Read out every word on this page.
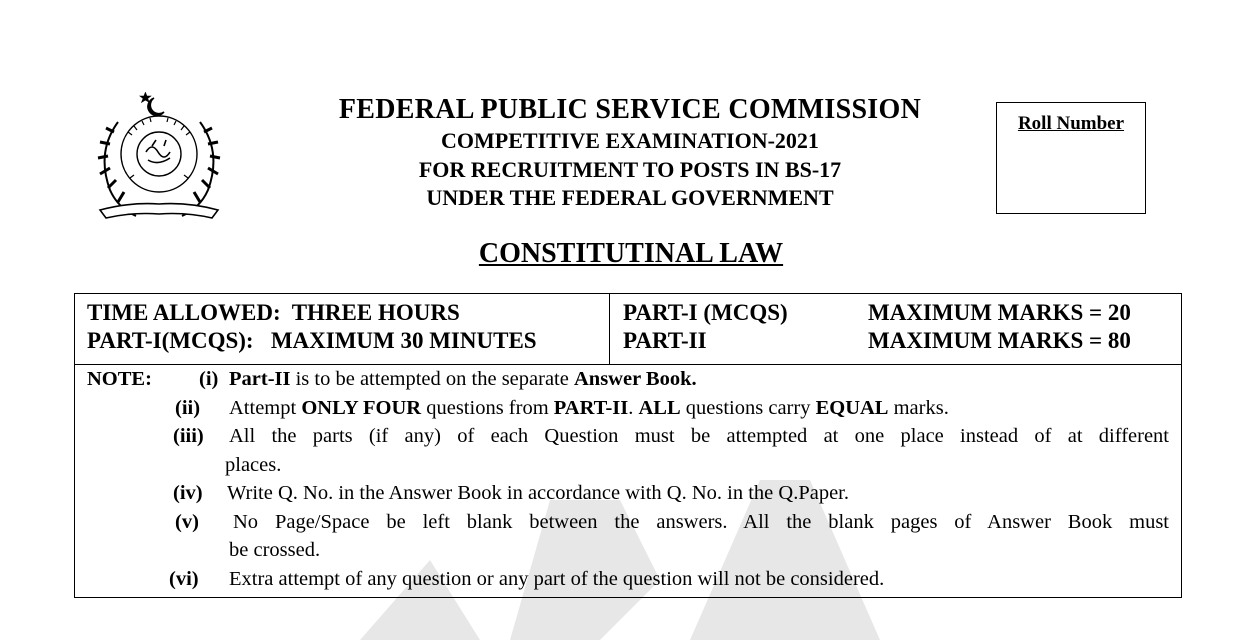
FEDERAL PUBLIC SERVICE COMMISSION
COMPETITIVE EXAMINATION-2021
FOR RECRUITMENT TO POSTS IN BS-17
UNDER THE FEDERAL GOVERNMENT
Roll Number
CONSTITUTINAL LAW
TIME ALLOWED:  THREE HOURS
PART-I(MCQS):   MAXIMUM 30 MINUTES
PART-I (MCQS)	MAXIMUM MARKS = 20
PART-II	MAXIMUM MARKS = 80
NOTE: (i) Part-II is to be attempted on the separate Answer Book.
(ii) Attempt ONLY FOUR questions from PART-II. ALL questions carry EQUAL marks.
(iii) All the parts (if any) of each Question must be attempted at one place instead of at different
places.
(iv) Write Q. No. in the Answer Book in accordance with Q. No. in the Q.Paper.
(v) No Page/Space be left blank between the answers. All the blank pages of Answer Book must
be crossed.
(vi) Extra attempt of any question or any part of the question will not be considered.
